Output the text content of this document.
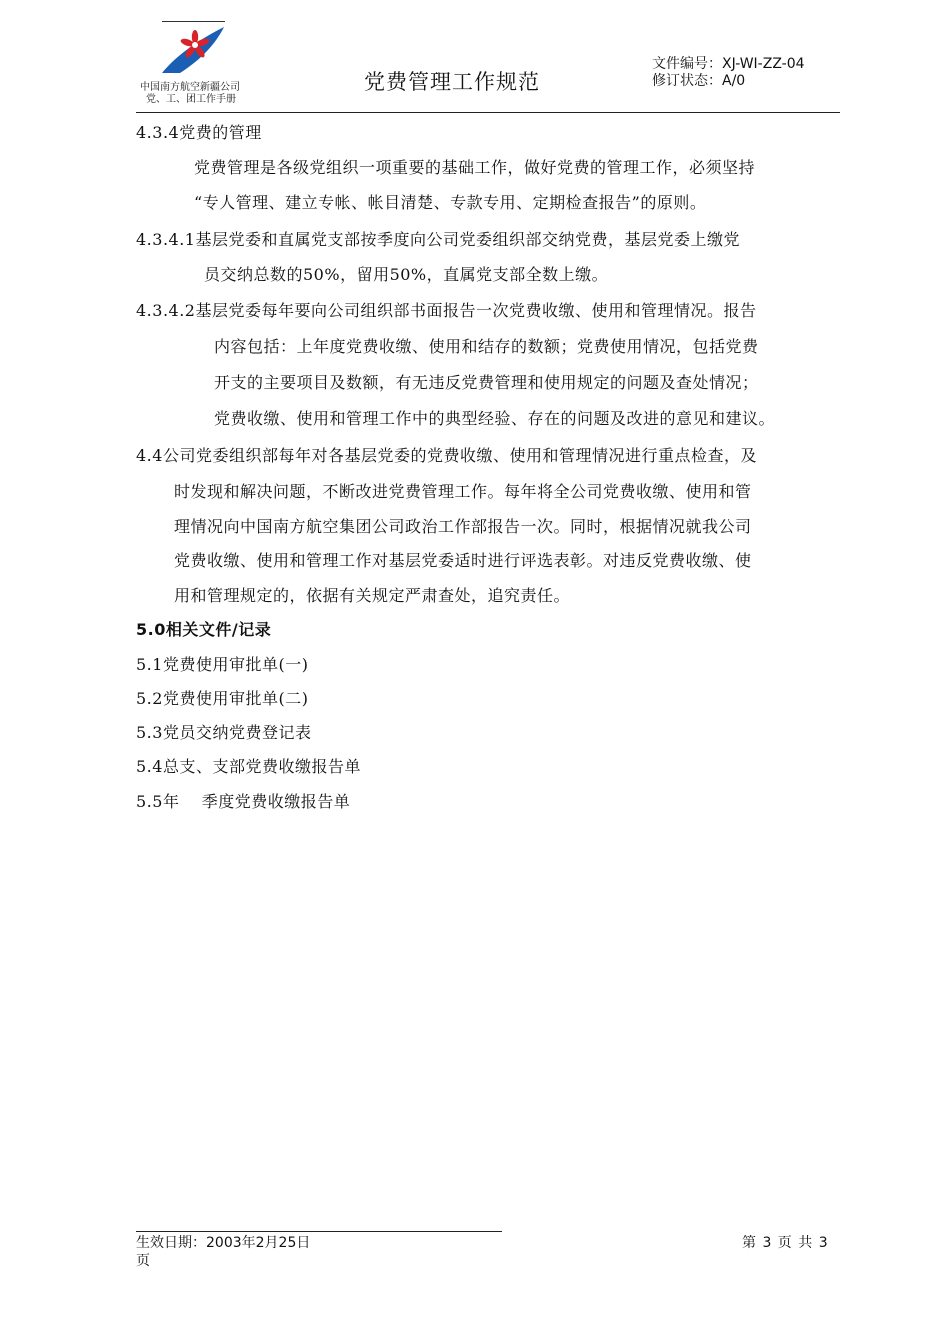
中国南方航空新疆公司
党、工、团工作手册
党费管理工作规范
文件编号：XJ-WI-ZZ-04
修订状态：A/0
4.3.4党费的管理
党费管理是各级党组织一项重要的基础工作，做好党费的管理工作，必须坚持
“专人管理、建立专帐、帐目清楚、专款专用、定期检查报告”的原则。
4.3.4.1基层党委和直属党支部按季度向公司党委组织部交纳党费，基层党委上缴党
员交纳总数的50%，留用50%，直属党支部全数上缴。
4.3.4.2基层党委每年要向公司组织部书面报告一次党费收缴、使用和管理情况。报告
内容包括：上年度党费收缴、使用和结存的数额；党费使用情况，包括党费
开支的主要项目及数额，有无违反党费管理和使用规定的问题及查处情况；
党费收缴、使用和管理工作中的典型经验、存在的问题及改进的意见和建议。
4.4公司党委组织部每年对各基层党委的党费收缴、使用和管理情况进行重点检查，及
时发现和解决问题，不断改进党费管理工作。每年将全公司党费收缴、使用和管
理情况向中国南方航空集团公司政治工作部报告一次。同时，根据情况就我公司
党费收缴、使用和管理工作对基层党委适时进行评选表彰。对违反党费收缴、使
用和管理规定的，依据有关规定严肃查处，追究责任。
5.0相关文件/记录
5.1党费使用审批单(一)
5.2党费使用审批单(二)
5.3党员交纳党费登记表
5.4总支、支部党费收缴报告单
5.5年    季度党费收缴报告单
生效日期：2003年2月25日	第 3 页 共 3
页
